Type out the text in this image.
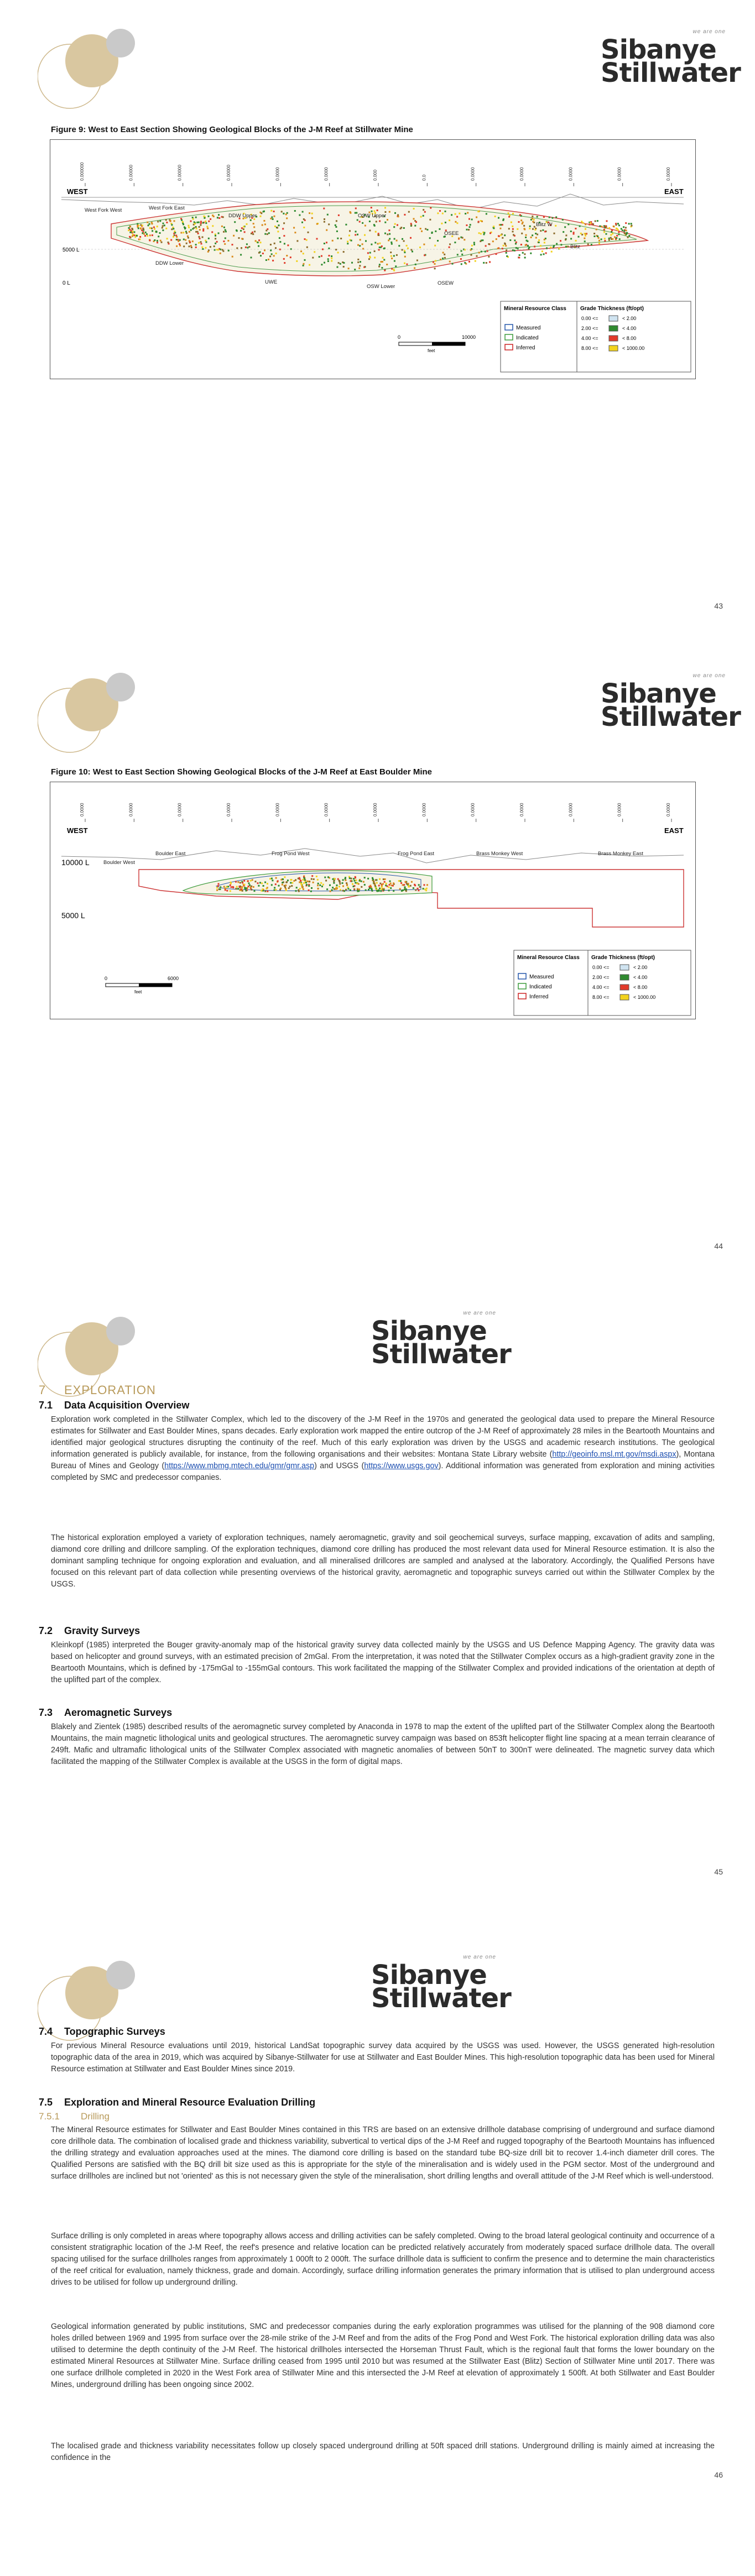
we are one
Sibanye
Stillwater
Figure 9: West to East Section Showing Geological Blocks of the J-M Reef at Stillwater Mine
0.000000	0.00000	0.00000	0.00000	0.0000	0.0000	0.000	0.0	0.0000	0.0000	0.0000	0.0000	0.0000
WEST	EAST
West Fork West	West Fork East
DDW Upper	OSW Upper
OSEE
Blitz W
Blitz
DDW Lower
UWE
OSW Lower
OSEW
5000 L
0 L
0	10000
feet
Mineral Resource Class
Measured
Indicated
Inferred
Grade Thickness (ft/opt)
0.00 <=	< 2.00
2.00 <=	< 4.00
4.00 <=	< 8.00
8.00 <=	< 1000.00
43
we are one
Sibanye
Stillwater
Figure 10: West to East Section Showing Geological Blocks of the J-M Reef at East Boulder Mine
0.0000	0.0000	0.0000	0.0000	0.0000	0.0000	0.0000	0.0000	0.0000	0.0000	0.0000	0.0000	0.0000
WEST	EAST
10000 L
5000 L
Boulder West
Boulder East	Frog Pond West	Frog Pond East	Brass Monkey West	Brass Monkey East
0	6000
feet
Mineral Resource Class
Measured
Indicated
Inferred
Grade Thickness (ft/opt)
0.00 <=	< 2.00
2.00 <=	< 4.00
4.00 <=	< 8.00
8.00 <=	< 1000.00
44
we are one
Sibanye
Stillwater
7 EXPLORATION
7.1 Data Acquisition Overview
Exploration work completed in the Stillwater Complex, which led to the discovery of the J-M Reef in the 1970s and generated the geological data used to prepare the Mineral Resource estimates for Stillwater and East Boulder Mines, spans decades. Early exploration work mapped the entire outcrop of the J-M Reef of approximately 28 miles in the Beartooth Mountains and identified major geological structures disrupting the continuity of the reef. Much of this early exploration was driven by the USGS and academic research institutions. The geological information generated is publicly available, for instance, from the following organisations and their websites: Montana State Library website (http://geoinfo.msl.mt.gov/msdi.aspx), Montana Bureau of Mines and Geology (https://www.mbmg.mtech.edu/gmr/gmr.asp) and USGS (https://www.usgs.gov). Additional information was generated from exploration and mining activities completed by SMC and predecessor companies.
The historical exploration employed a variety of exploration techniques, namely aeromagnetic, gravity and soil geochemical surveys, surface mapping, excavation of adits and sampling, diamond core drilling and drillcore sampling. Of the exploration techniques, diamond core drilling has produced the most relevant data used for Mineral Resource estimation. It is also the dominant sampling technique for ongoing exploration and evaluation, and all mineralised drillcores are sampled and analysed at the laboratory. Accordingly, the Qualified Persons have focused on this relevant part of data collection while presenting overviews of the historical gravity, aeromagnetic and topographic surveys carried out within the Stillwater Complex by the USGS.
7.2 Gravity Surveys
Kleinkopf (1985) interpreted the Bouger gravity-anomaly map of the historical gravity survey data collected mainly by the USGS and US Defence Mapping Agency. The gravity data was based on helicopter and ground surveys, with an estimated precision of 2mGal. From the interpretation, it was noted that the Stillwater Complex occurs as a high-gradient gravity zone in the Beartooth Mountains, which is defined by -175mGal to -155mGal contours. This work facilitated the mapping of the Stillwater Complex and provided indications of the orientation at depth of the uplifted part of the complex.
7.3 Aeromagnetic Surveys
Blakely and Zientek (1985) described results of the aeromagnetic survey completed by Anaconda in 1978 to map the extent of the uplifted part of the Stillwater Complex along the Beartooth Mountains, the main magnetic lithological units and geological structures. The aeromagnetic survey campaign was based on 853ft helicopter flight line spacing at a mean terrain clearance of 249ft. Mafic and ultramafic lithological units of the Stillwater Complex associated with magnetic anomalies of between 50nT to 300nT were delineated. The magnetic survey data which facilitated the mapping of the Stillwater Complex is available at the USGS in the form of digital maps.
45
we are one
Sibanye
Stillwater
7.4 Topographic Surveys
For previous Mineral Resource evaluations until 2019, historical LandSat topographic survey data acquired by the USGS was used. However, the USGS generated high-resolution topographic data of the area in 2019, which was acquired by Sibanye-Stillwater for use at Stillwater and East Boulder Mines. This high-resolution topographic data has been used for Mineral Resource estimation at Stillwater and East Boulder Mines since 2019.
7.5 Exploration and Mineral Resource Evaluation Drilling
7.5.1 Drilling
The Mineral Resource estimates for Stillwater and East Boulder Mines contained in this TRS are based on an extensive drillhole database comprising of underground and surface diamond core drillhole data. The combination of localised grade and thickness variability, subvertical to vertical dips of the J-M Reef and rugged topography of the Beartooth Mountains has influenced the drilling strategy and evaluation approaches used at the mines. The diamond core drilling is based on the standard tube BQ-size drill bit to recover 1.4-inch diameter drill cores. The Qualified Persons are satisfied with the BQ drill bit size used as this is appropriate for the style of the mineralisation and is widely used in the PGM sector. Most of the underground and surface drillholes are inclined but not 'oriented' as this is not necessary given the style of the mineralisation, short drilling lengths and overall attitude of the J-M Reef which is well-understood.
Surface drilling is only completed in areas where topography allows access and drilling activities can be safely completed. Owing to the broad lateral geological continuity and occurrence of a consistent stratigraphic location of the J-M Reef, the reef's presence and relative location can be predicted relatively accurately from moderately spaced surface drillhole data. The overall spacing utilised for the surface drillholes ranges from approximately 1 000ft to 2 000ft. The surface drillhole data is sufficient to confirm the presence and to determine the main characteristics of the reef critical for evaluation, namely thickness, grade and domain. Accordingly, surface drilling information generates the primary information that is utilised to plan underground access drives to be utilised for follow up underground drilling.
Geological information generated by public institutions, SMC and predecessor companies during the early exploration programmes was utilised for the planning of the 908 diamond core holes drilled between 1969 and 1995 from surface over the 28-mile strike of the J-M Reef and from the adits of the Frog Pond and West Fork. The historical exploration drilling data was also utilised to determine the depth continuity of the J-M Reef. The historical drillholes intersected the Horseman Thrust Fault, which is the regional fault that forms the lower boundary on the estimated Mineral Resources at Stillwater Mine. Surface drilling ceased from 1995 until 2010 but was resumed at the Stillwater East (Blitz) Section of Stillwater Mine until 2017. There was one surface drillhole completed in 2020 in the West Fork area of Stillwater Mine and this intersected the J-M Reef at elevation of approximately 1 500ft. At both Stillwater and East Boulder Mines, underground drilling has been ongoing since 2002.
The localised grade and thickness variability necessitates follow up closely spaced underground drilling at 50ft spaced drill stations. Underground drilling is mainly aimed at increasing the confidence in the
46
